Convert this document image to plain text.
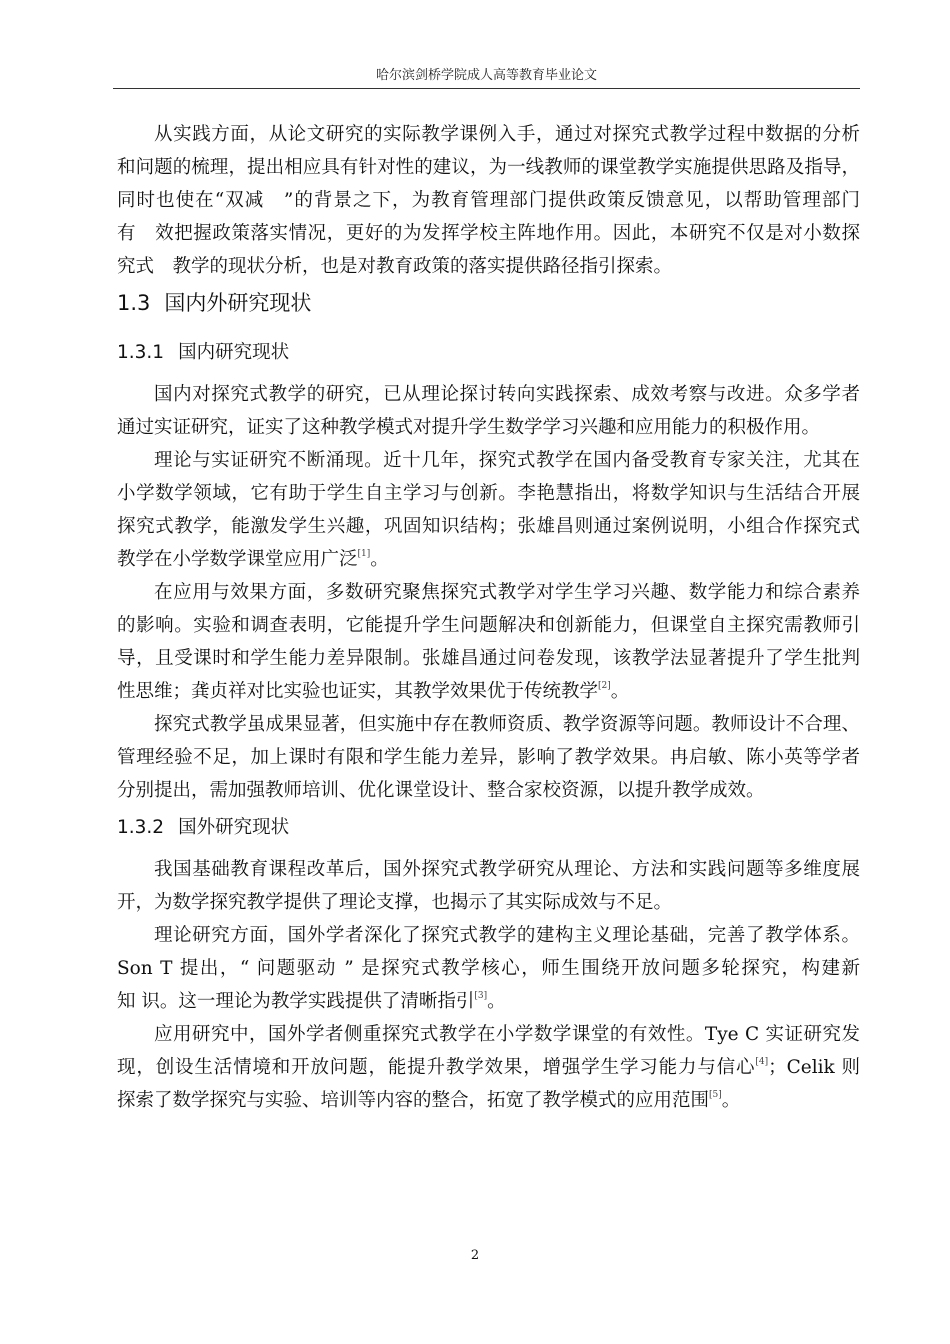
哈尔滨剑桥学院成人高等教育毕业论文
从实践方面，从论文研究的实际教学课例入手，通过对探究式教学过程中数据的分析
和问题的梳理，提出相应具有针对性的建议，为一线教师的课堂教学实施提供思路及指导，
同时也使在“双减　”的背景之下，为教育管理部门提供政策反馈意见，以帮助管理部门
有　效把握政策落实情况，更好的为发挥学校主阵地作用。因此，本研究不仅是对小数探
究式　教学的现状分析，也是对教育政策的落实提供路径指引探索。
1.3 国内外研究现状
1.3.1 国内研究现状
国内对探究式教学的研究，已从理论探讨转向实践探索、成效考察与改进。众多学者
通过实证研究，证实了这种教学模式对提升学生数学学习兴趣和应用能力的积极作用。
理论与实证研究不断涌现。近十几年，探究式教学在国内备受教育专家关注，尤其在
小学数学领域，它有助于学生自主学习与创新。李艳慧指出，将数学知识与生活结合开展
探究式教学，能激发学生兴趣，巩固知识结构；张雄昌则通过案例说明，小组合作探究式
教学在小学数学课堂应用广泛[1]。
在应用与效果方面，多数研究聚焦探究式教学对学生学习兴趣、数学能力和综合素养
的影响。实验和调查表明，它能提升学生问题解决和创新能力，但课堂自主探究需教师引
导，且受课时和学生能力差异限制。张雄昌通过问卷发现，该教学法显著提升了学生批判
性思维；龚贞祥对比实验也证实，其教学效果优于传统教学[2]。
探究式教学虽成果显著，但实施中存在教师资质、教学资源等问题。教师设计不合理、
管理经验不足，加上课时有限和学生能力差异，影响了教学效果。冉启敏、陈小英等学者
分别提出，需加强教师培训、优化课堂设计、整合家校资源，以提升教学成效。
1.3.2 国外研究现状
我国基础教育课程改革后，国外探究式教学研究从理论、方法和实践问题等多维度展
开，为数学探究教学提供了理论支撑，也揭示了其实际成效与不足。
理论研究方面，国外学者深化了探究式教学的建构主义理论基础，完善了教学体系。
Son T 提出，“ 问题驱动 ” 是探究式教学核心，师生围绕开放问题多轮探究，构建新
知 识。这一理论为教学实践提供了清晰指引[3]。
应用研究中，国外学者侧重探究式教学在小学数学课堂的有效性。Tye C 实证研究发
现，创设生活情境和开放问题，能提升教学效果，增强学生学习能力与信心[4]；Celik 则
探索了数学探究与实验、培训等内容的整合，拓宽了教学模式的应用范围[5]。
2
